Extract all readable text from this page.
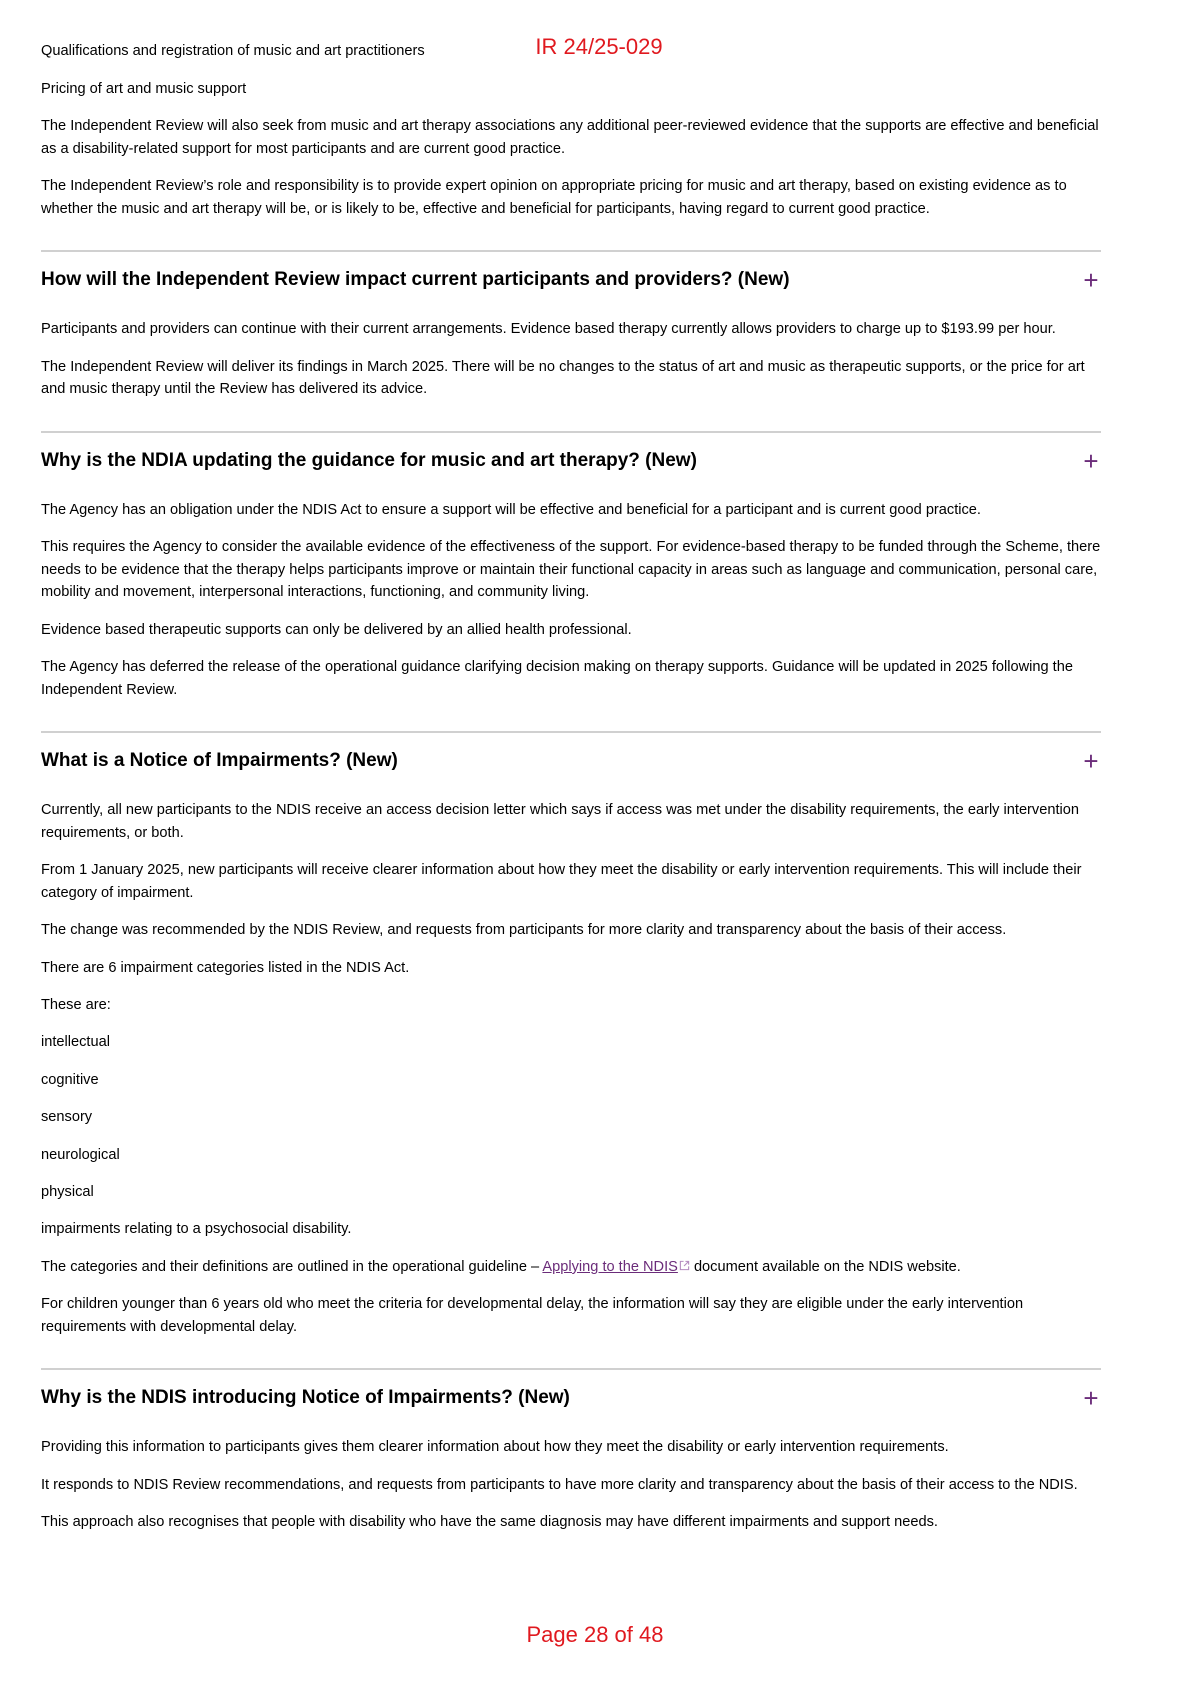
IR 24/25-029

Qualifications and registration of music and art practitioners

Pricing of art and music support

The Independent Review will also seek from music and art therapy associations any additional peer-reviewed evidence that the supports are effective and beneficial as a disability-related support for most participants and are current good practice.

The Independent Review’s role and responsibility is to provide expert opinion on appropriate pricing for music and art therapy, based on existing evidence as to whether the music and art therapy will be, or is likely to be, effective and beneficial for participants, having regard to current good practice.

How will the Independent Review impact current participants and providers? (New)	+

Participants and providers can continue with their current arrangements. Evidence based therapy currently allows providers to charge up to $193.99 per hour.

The Independent Review will deliver its findings in March 2025. There will be no changes to the status of art and music as therapeutic supports, or the price for art and music therapy until the Review has delivered its advice.

Why is the NDIA updating the guidance for music and art therapy? (New)	+

The Agency has an obligation under the NDIS Act to ensure a support will be effective and beneficial for a participant and is current good practice.

This requires the Agency to consider the available evidence of the effectiveness of the support. For evidence-based therapy to be funded through the Scheme, there needs to be evidence that the therapy helps participants improve or maintain their functional capacity in areas such as language and communication, personal care, mobility and movement, interpersonal interactions, functioning, and community living.

Evidence based therapeutic supports can only be delivered by an allied health professional.

The Agency has deferred the release of the operational guidance clarifying decision making on therapy supports. Guidance will be updated in 2025 following the Independent Review.

What is a Notice of Impairments? (New)	+

Currently, all new participants to the NDIS receive an access decision letter which says if access was met under the disability requirements, the early intervention requirements, or both.

From 1 January 2025, new participants will receive clearer information about how they meet the disability or early intervention requirements. This will include their category of impairment.

The change was recommended by the NDIS Review, and requests from participants for more clarity and transparency about the basis of their access.

There are 6 impairment categories listed in the NDIS Act.

These are:

intellectual

cognitive

sensory

neurological

physical

impairments relating to a psychosocial disability.

The categories and their definitions are outlined in the operational guideline – Applying to the NDIS document available on the NDIS website.

For children younger than 6 years old who meet the criteria for developmental delay, the information will say they are eligible under the early intervention requirements with developmental delay.

Why is the NDIS introducing Notice of Impairments? (New)	+

Providing this information to participants gives them clearer information about how they meet the disability or early intervention requirements.

It responds to NDIS Review recommendations, and requests from participants to have more clarity and transparency about the basis of their access to the NDIS.

This approach also recognises that people with disability who have the same diagnosis may have different impairments and support needs.

Page 28 of 48
